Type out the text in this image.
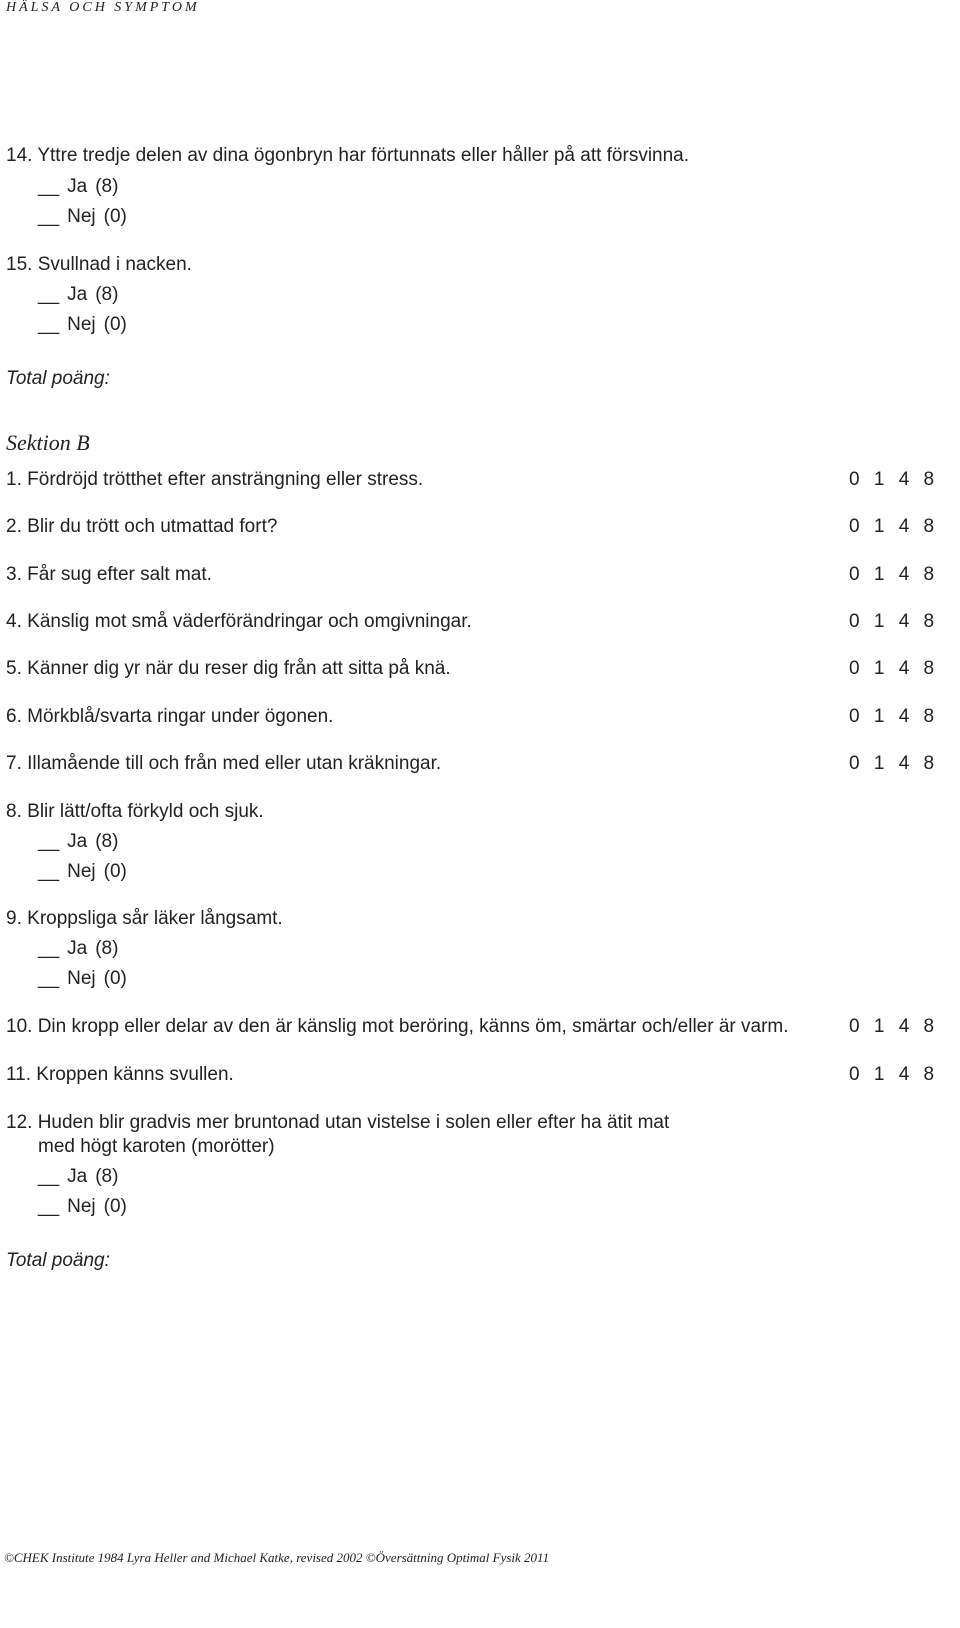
HÄLSA OCH SYMPTOM
14. Yttre tredje delen av dina ögonbryn har förtunnats eller håller på att försvinna.
__ Ja (8)
__ Nej (0)
15. Svullnad i nacken.
__ Ja (8)
__ Nej (0)
Total poäng:
Sektion B
1. Fördröjd trötthet efter ansträngning eller stress.	0 1 4 8
2. Blir du trött och utmattad fort?	0 1 4 8
3. Får sug efter salt mat.	0 1 4 8
4. Känslig mot små väderförändringar och omgivningar.	0 1 4 8
5. Känner dig yr när du reser dig från att sitta på knä.	0 1 4 8
6. Mörkblå/svarta ringar under ögonen.	0 1 4 8
7. Illamående till och från med eller utan kräkningar.	0 1 4 8
8. Blir lätt/ofta förkyld och sjuk.
__ Ja (8)
__ Nej (0)
9. Kroppsliga sår läker långsamt.
__ Ja (8)
__ Nej (0)
10. Din kropp eller delar av den är känslig mot beröring, känns öm, smärtar och/eller är varm.	0 1 4 8
11. Kroppen känns svullen.	0 1 4 8
12. Huden blir gradvis mer bruntonad utan vistelse i solen eller efter ha ätit mat
med högt karoten (morötter)
__ Ja (8)
__ Nej (0)
Total poäng:
©CHEK Institute 1984 Lyra Heller and Michael Katke, revised 2002 ©Översättning Optimal Fysik 2011
